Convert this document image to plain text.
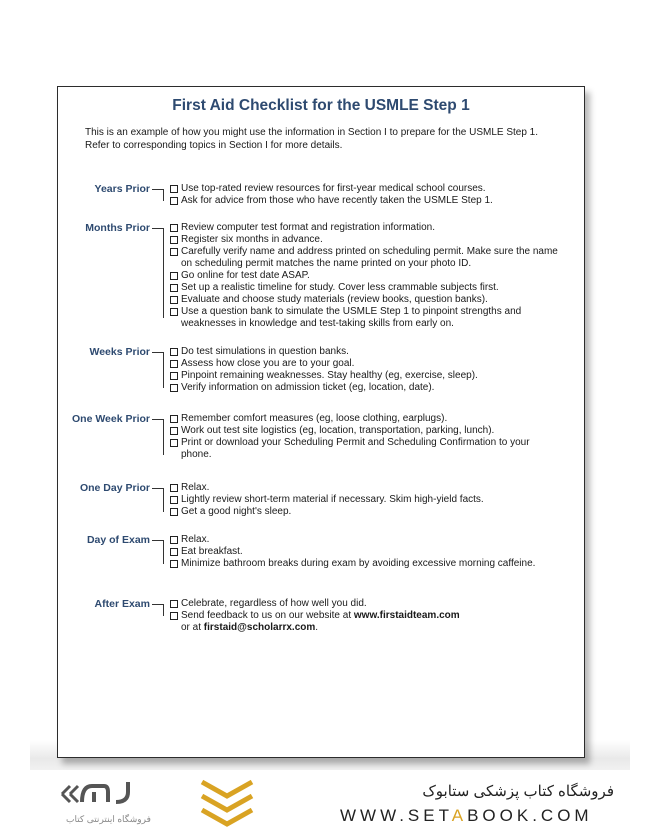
First Aid Checklist for the USMLE Step 1
This is an example of how you might use the information in Section I to prepare for the USMLE Step 1. Refer to corresponding topics in Section I for more details.
Years Prior	Use top-rated review resources for first-year medical school courses.
Ask for advice from those who have recently taken the USMLE Step 1.
Months Prior	Review computer test format and registration information.
Register six months in advance.
Carefully verify name and address printed on scheduling permit. Make sure the name on scheduling permit matches the name printed on your photo ID.
Go online for test date ASAP.
Set up a realistic timeline for study. Cover less crammable subjects first.
Evaluate and choose study materials (review books, question banks).
Use a question bank to simulate the USMLE Step 1 to pinpoint strengths and weaknesses in knowledge and test-taking skills from early on.
Weeks Prior	Do test simulations in question banks.
Assess how close you are to your goal.
Pinpoint remaining weaknesses. Stay healthy (eg, exercise, sleep).
Verify information on admission ticket (eg, location, date).
One Week Prior	Remember comfort measures (eg, loose clothing, earplugs).
Work out test site logistics (eg, location, transportation, parking, lunch).
Print or download your Scheduling Permit and Scheduling Confirmation to your phone.
One Day Prior	Relax.
Lightly review short-term material if necessary. Skim high-yield facts.
Get a good night's sleep.
Day of Exam	Relax.
Eat breakfast.
Minimize bathroom breaks during exam by avoiding excessive morning caffeine.
After Exam	Celebrate, regardless of how well you did.
Send feedback to us on our website at www.firstaidteam.com
or at firstaid@scholarrx.com.
فروشگاه اینترنتی کتاب
فروشگاه کتاب پزشکی ستابوک
WWW.SETABOOK.COM
